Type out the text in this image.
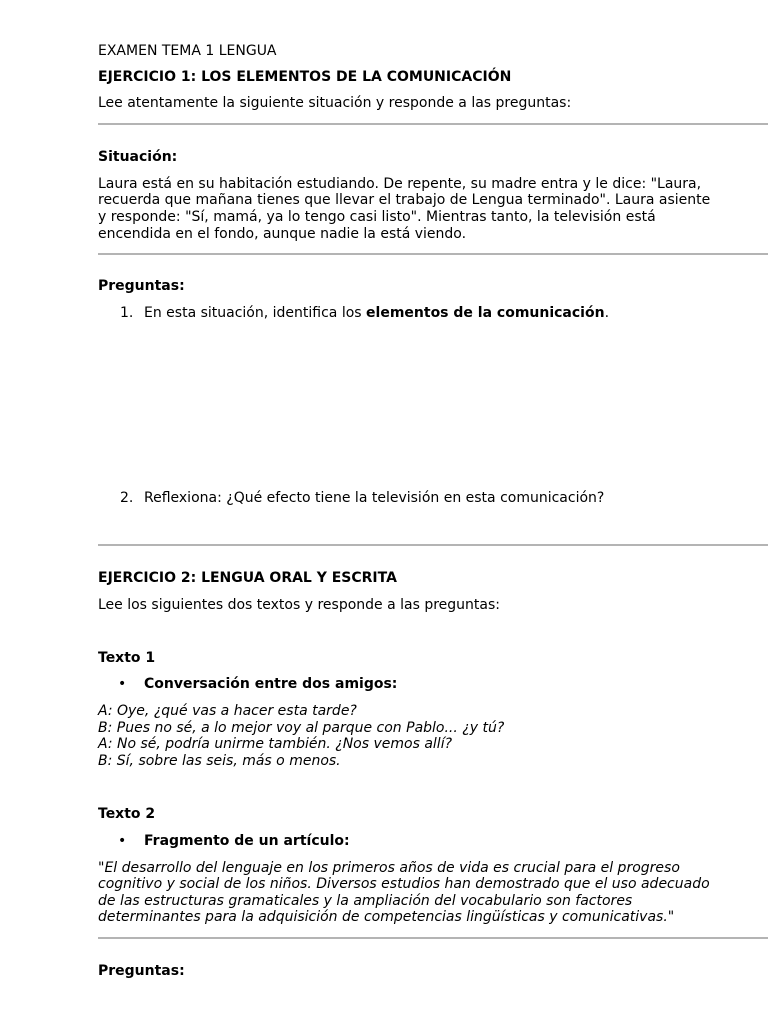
EXAMEN TEMA 1 LENGUA
EJERCICIO 1: LOS ELEMENTOS DE LA COMUNICACIÓN
Lee atentamente la siguiente situación y responde a las preguntas:
Situación:
Laura está en su habitación estudiando. De repente, su madre entra y le dice: "Laura,
recuerda que mañana tienes que llevar el trabajo de Lengua terminado". Laura asiente
y responde: "Sí, mamá, ya lo tengo casi listo". Mientras tanto, la televisión está
encendida en el fondo, aunque nadie la está viendo.
Preguntas:
1. En esta situación, identifica los elementos de la comunicación.
2. Reflexiona: ¿Qué efecto tiene la televisión en esta comunicación?
EJERCICIO 2: LENGUA ORAL Y ESCRITA
Lee los siguientes dos textos y responde a las preguntas:
Texto 1
• Conversación entre dos amigos:
A: Oye, ¿qué vas a hacer esta tarde?
B: Pues no sé, a lo mejor voy al parque con Pablo... ¿y tú?
A: No sé, podría unirme también. ¿Nos vemos allí?
B: Sí, sobre las seis, más o menos.
Texto 2
• Fragmento de un artículo:
"El desarrollo del lenguaje en los primeros años de vida es crucial para el progreso
cognitivo y social de los niños. Diversos estudios han demostrado que el uso adecuado
de las estructuras gramaticales y la ampliación del vocabulario son factores
determinantes para la adquisición de competencias lingüísticas y comunicativas."
Preguntas:
